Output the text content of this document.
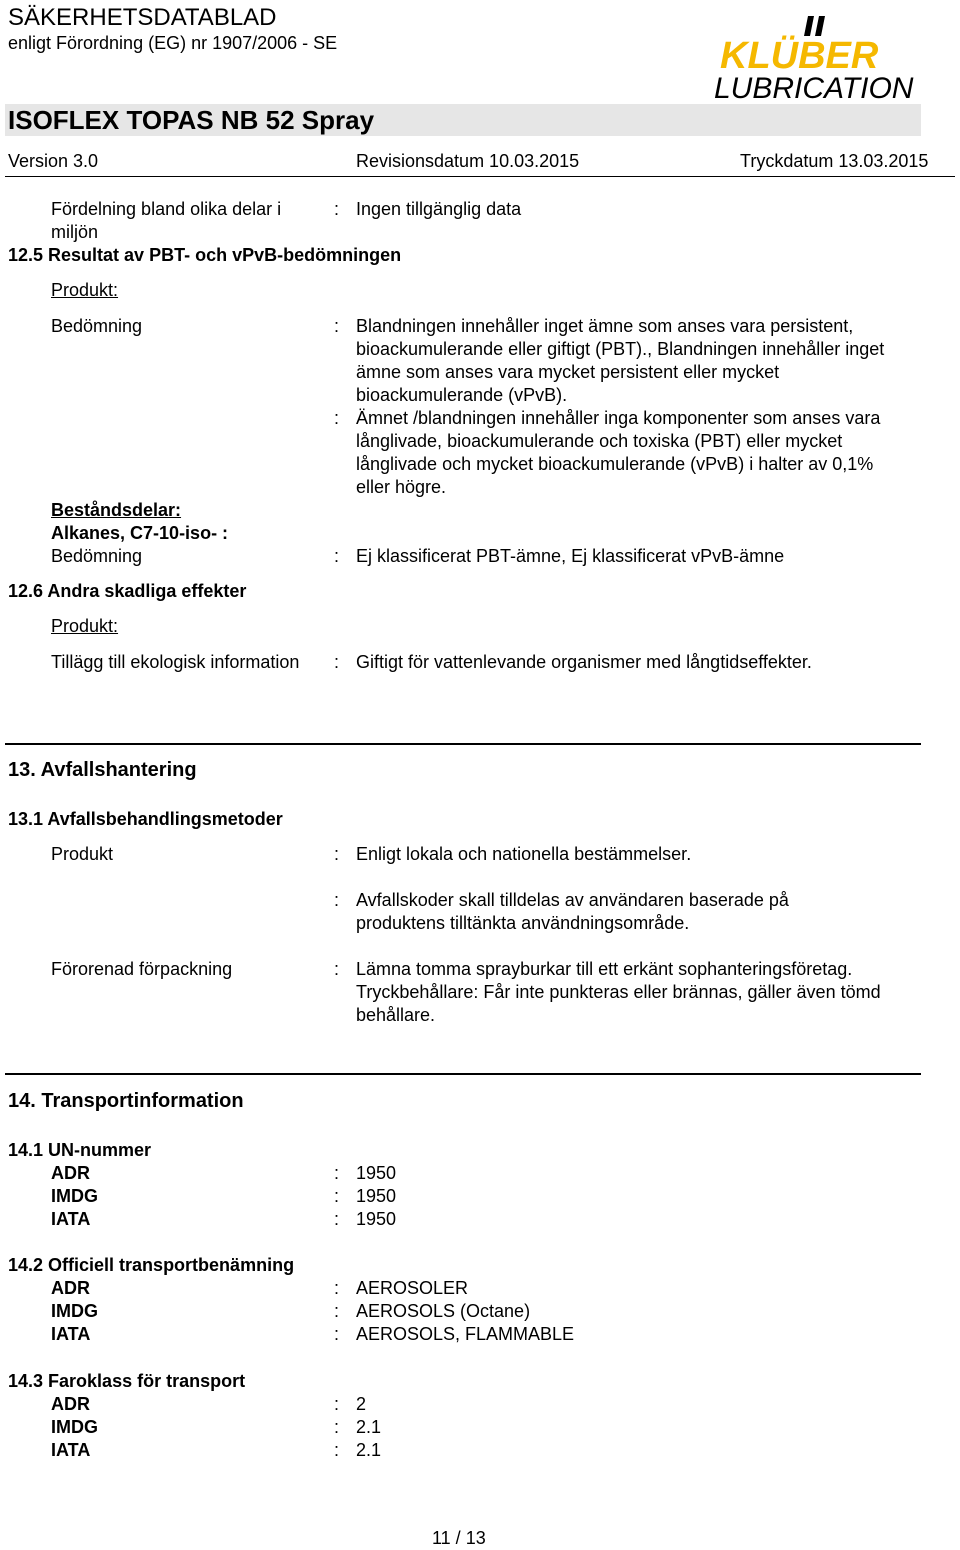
SÄKERHETSDATABLAD
enligt Förordning (EG) nr 1907/2006 - SE	KLÜBER
LUBRICATION
ISOFLEX TOPAS NB 52 Spray
Version 3.0	Revisionsdatum 10.03.2015	Tryckdatum 13.03.2015
Fördelning bland olika delar i miljön
: Ingen tillgänglig data
12.5 Resultat av PBT- och vPvB-bedömningen
Produkt:
Bedömning	: Blandningen innehåller inget ämne som anses vara persistent, bioackumulerande eller giftigt (PBT)., Blandningen innehåller inget ämne som anses vara mycket persistent eller mycket bioackumulerande (vPvB).
: Ämnet /blandningen innehåller inga komponenter som anses vara långlivade, bioackumulerande och toxiska (PBT) eller mycket långlivade och mycket bioackumulerande (vPvB) i halter av 0,1% eller högre.
Beståndsdelar:
Alkanes, C7-10-iso- :
Bedömning	: Ej klassificerat PBT-ämne, Ej klassificerat vPvB-ämne
12.6 Andra skadliga effekter
Produkt:
Tillägg till ekologisk information : Giftigt för vattenlevande organismer med långtidseffekter.
13. Avfallshantering
13.1 Avfallsbehandlingsmetoder
Produkt	: Enligt lokala och nationella bestämmelser.
: Avfallskoder skall tilldelas av användaren baserade på produktens tilltänkta användningsområde.
Förorenad förpackning	: Lämna tomma sprayburkar till ett erkänt sophanteringsföretag. Tryckbehållare: Får inte punkteras eller brännas, gäller även tömd behållare.
14. Transportinformation
14.1 UN-nummer
ADR	: 1950
IMDG	: 1950
IATA	: 1950
14.2 Officiell transportbenämning
ADR	: AEROSOLER
IMDG	: AEROSOLS (Octane)
IATA	: AEROSOLS, FLAMMABLE
14.3 Faroklass för transport
ADR	: 2
IMDG	: 2.1
IATA	: 2.1
11 / 13
